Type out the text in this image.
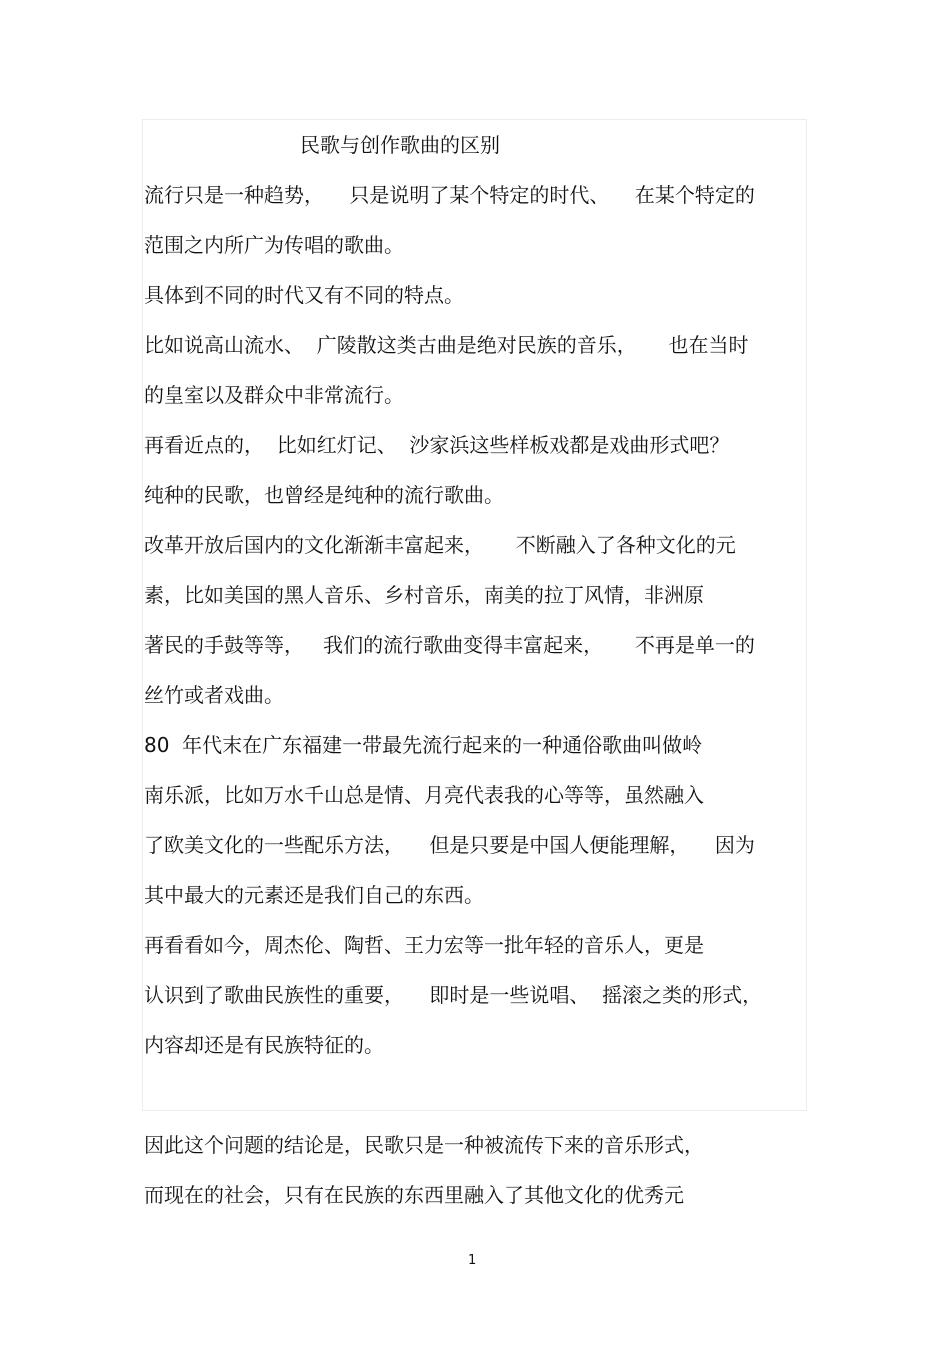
民歌与创作歌曲的区别
流行只是一种趋势，    只是说明了某个特定的时代、    在某个特定的
范围之内所广为传唱的歌曲。
具体到不同的时代又有不同的特点。
比如说高山流水、  广陵散这类古曲是绝对民族的音乐，     也在当时
的皇室以及群众中非常流行。
再看近点的，  比如红灯记、  沙家浜这些样板戏都是戏曲形式吧？
纯种的民歌，也曾经是纯种的流行歌曲。
改革开放后国内的文化渐渐丰富起来，     不断融入了各种文化的元
素，比如美国的黑人音乐、乡村音乐，南美的拉丁风情，非洲原
著民的手鼓等等，   我们的流行歌曲变得丰富起来，     不再是单一的
丝竹或者戏曲。
80  年代末在广东福建一带最先流行起来的一种通俗歌曲叫做岭
南乐派，比如万水千山总是情、月亮代表我的心等等，虽然融入
了欧美文化的一些配乐方法，    但是只要是中国人便能理解，    因为
其中最大的元素还是我们自己的东西。
再看看如今，周杰伦、陶哲、王力宏等一批年轻的音乐人，更是
认识到了歌曲民族性的重要，    即时是一些说唱、  摇滚之类的形式，
内容却还是有民族特征的。
因此这个问题的结论是，民歌只是一种被流传下来的音乐形式，
而现在的社会，只有在民族的东西里融入了其他文化的优秀元
1
